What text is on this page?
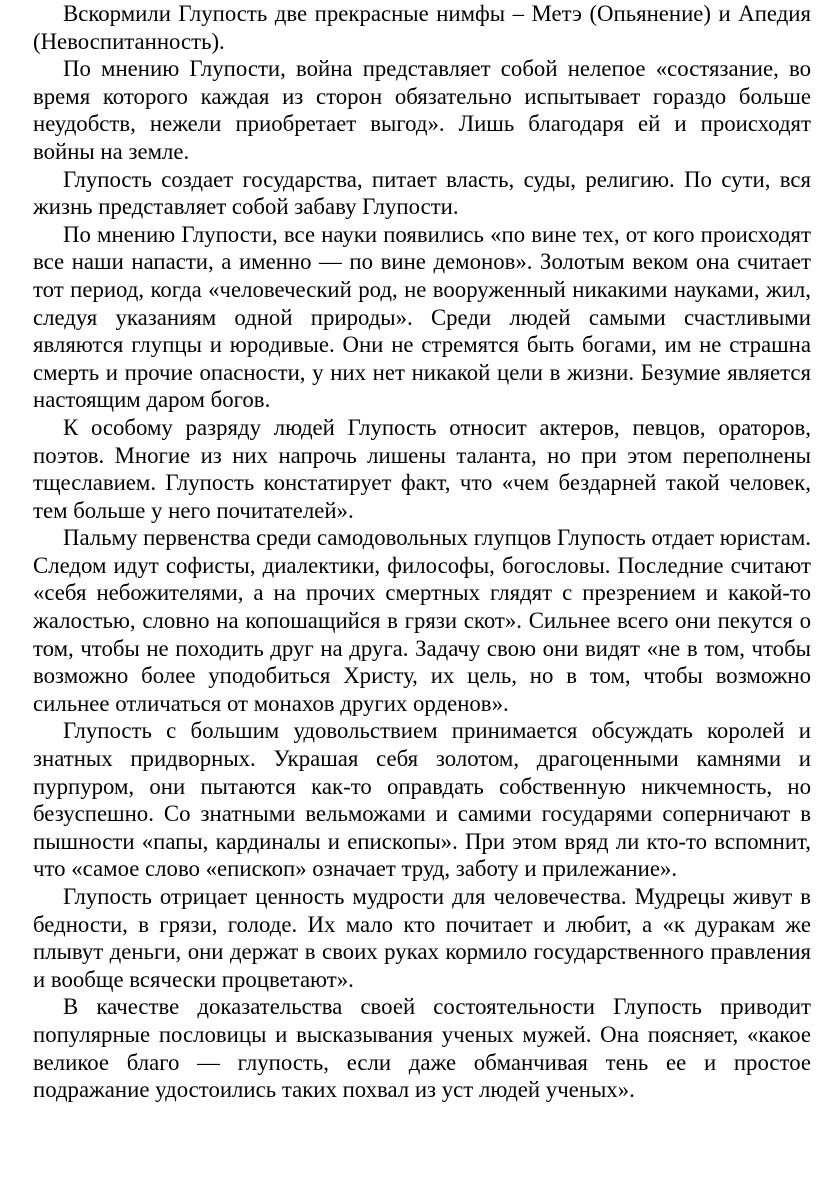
Вскормили Глупость две прекрасные нимфы – Метэ (Опьянение) и Апедия (Невоспитанность).

По мнению Глупости, война представляет собой нелепое «состязание, во время которого каждая из сторон обязательно испытывает гораздо больше неудобств, нежели приобретает выгод». Лишь благодаря ей и происходят войны на земле.

Глупость создает государства, питает власть, суды, религию. По сути, вся жизнь представляет собой забаву Глупости.

По мнению Глупости, все науки появились «по вине тех, от кого происходят все наши напасти, а именно — по вине демонов». Золотым веком она считает тот период, когда «человеческий род, не вооруженный никакими науками, жил, следуя указаниям одной природы». Среди людей самыми счастливыми являются глупцы и юродивые. Они не стремятся быть богами, им не страшна смерть и прочие опасности, у них нет никакой цели в жизни. Безумие является настоящим даром богов.

К особому разряду людей Глупость относит актеров, певцов, ораторов, поэтов. Многие из них напрочь лишены таланта, но при этом переполнены тщеславием. Глупость констатирует факт, что «чем бездарней такой человек, тем больше у него почитателей».

Пальму первенства среди самодовольных глупцов Глупость отдает юристам. Следом идут софисты, диалектики, философы, богословы. Последние считают «себя небожителями, а на прочих смертных глядят с презрением и какой-то жалостью, словно на копошащийся в грязи скот». Сильнее всего они пекутся о том, чтобы не походить друг на друга. Задачу свою они видят «не в том, чтобы возможно более уподобиться Христу, их цель, но в том, чтобы возможно сильнее отличаться от монахов других орденов».

Глупость с большим удовольствием принимается обсуждать королей и знатных придворных. Украшая себя золотом, драгоценными камнями и пурпуром, они пытаются как-то оправдать собственную никчемность, но безуспешно. Со знатными вельможами и самими государями соперничают в пышности «папы, кардиналы и епископы». При этом вряд ли кто-то вспомнит, что «самое слово «епископ» означает труд, заботу и прилежание».

Глупость отрицает ценность мудрости для человечества. Мудрецы живут в бедности, в грязи, голоде. Их мало кто почитает и любит, а «к дуракам же плывут деньги, они держат в своих руках кормило государственного правления и вообще всячески процветают».

В качестве доказательства своей состоятельности Глупость приводит популярные пословицы и высказывания ученых мужей. Она поясняет, «какое великое благо — глупость, если даже обманчивая тень ее и простое подражание удостоились таких похвал из уст людей ученых».
